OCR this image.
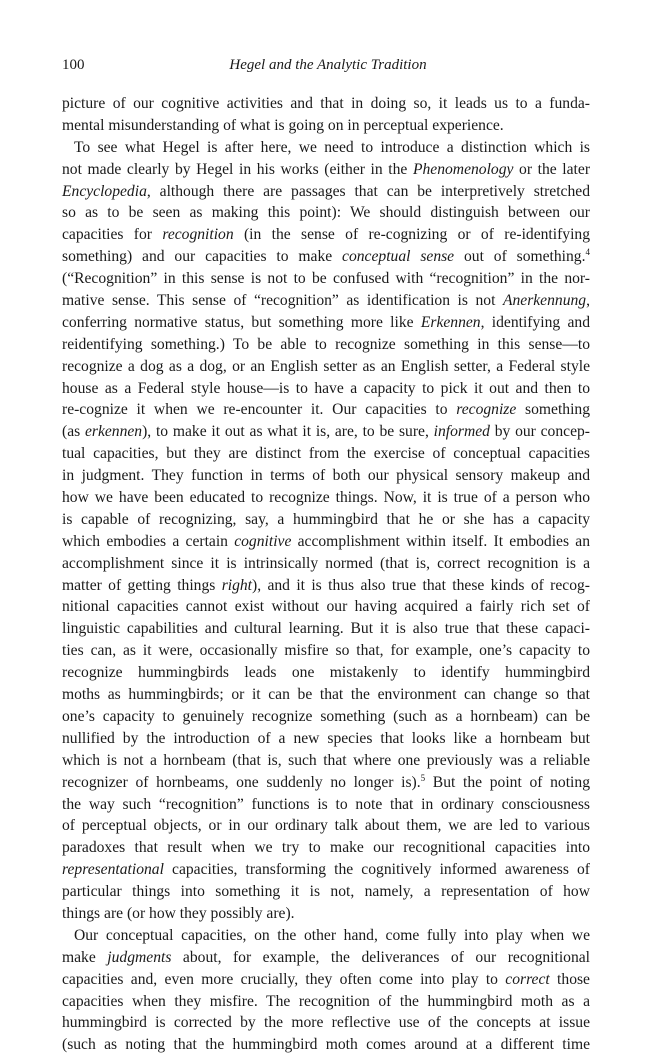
100	Hegel and the Analytic Tradition
picture of our cognitive activities and that in doing so, it leads us to a funda-
mental misunderstanding of what is going on in perceptual experience.
To see what Hegel is after here, we need to introduce a distinction which is
not made clearly by Hegel in his works (either in the Phenomenology or the later
Encyclopedia, although there are passages that can be interpretively stretched
so as to be seen as making this point): We should distinguish between our
capacities for recognition (in the sense of re-cognizing or of re-identifying
something) and our capacities to make conceptual sense out of something.$^4$
(“Recognition” in this sense is not to be confused with “recognition” in the nor-
mative sense. This sense of “recognition” as identification is not Anerkennung,
conferring normative status, but something more like Erkennen, identifying and
reidentifying something.) To be able to recognize something in this sense—to
recognize a dog as a dog, or an English setter as an English setter, a Federal style
house as a Federal style house—is to have a capacity to pick it out and then to
re-cognize it when we re-encounter it. Our capacities to recognize something
(as erkennen), to make it out as what it is, are, to be sure, informed by our concep-
tual capacities, but they are distinct from the exercise of conceptual capacities
in judgment. They function in terms of both our physical sensory makeup and
how we have been educated to recognize things. Now, it is true of a person who
is capable of recognizing, say, a hummingbird that he or she has a capacity
which embodies a certain cognitive accomplishment within itself. It embodies an
accomplishment since it is intrinsically normed (that is, correct recognition is a
matter of getting things right), and it is thus also true that these kinds of recog-
nitional capacities cannot exist without our having acquired a fairly rich set of
linguistic capabilities and cultural learning. But it is also true that these capaci-
ties can, as it were, occasionally misfire so that, for example, one’s capacity to
recognize hummingbirds leads one mistakenly to identify hummingbird
moths as hummingbirds; or it can be that the environment can change so that
one’s capacity to genuinely recognize something (such as a hornbeam) can be
nullified by the introduction of a new species that looks like a hornbeam but
which is not a hornbeam (that is, such that where one previously was a reliable
recognizer of hornbeams, one suddenly no longer is).$^5$ But the point of noting
the way such “recognition” functions is to note that in ordinary consciousness
of perceptual objects, or in our ordinary talk about them, we are led to various
paradoxes that result when we try to make our recognitional capacities into
representational capacities, transforming the cognitively informed awareness of
particular things into something it is not, namely, a representation of how
things are (or how they possibly are).
Our conceptual capacities, on the other hand, come fully into play when we
make judgments about, for example, the deliverances of our recognitional
capacities and, even more crucially, they often come into play to correct those
capacities when they misfire. The recognition of the hummingbird moth as a
hummingbird is corrected by the more reflective use of the concepts at issue
(such as noting that the hummingbird moth comes around at a different time
